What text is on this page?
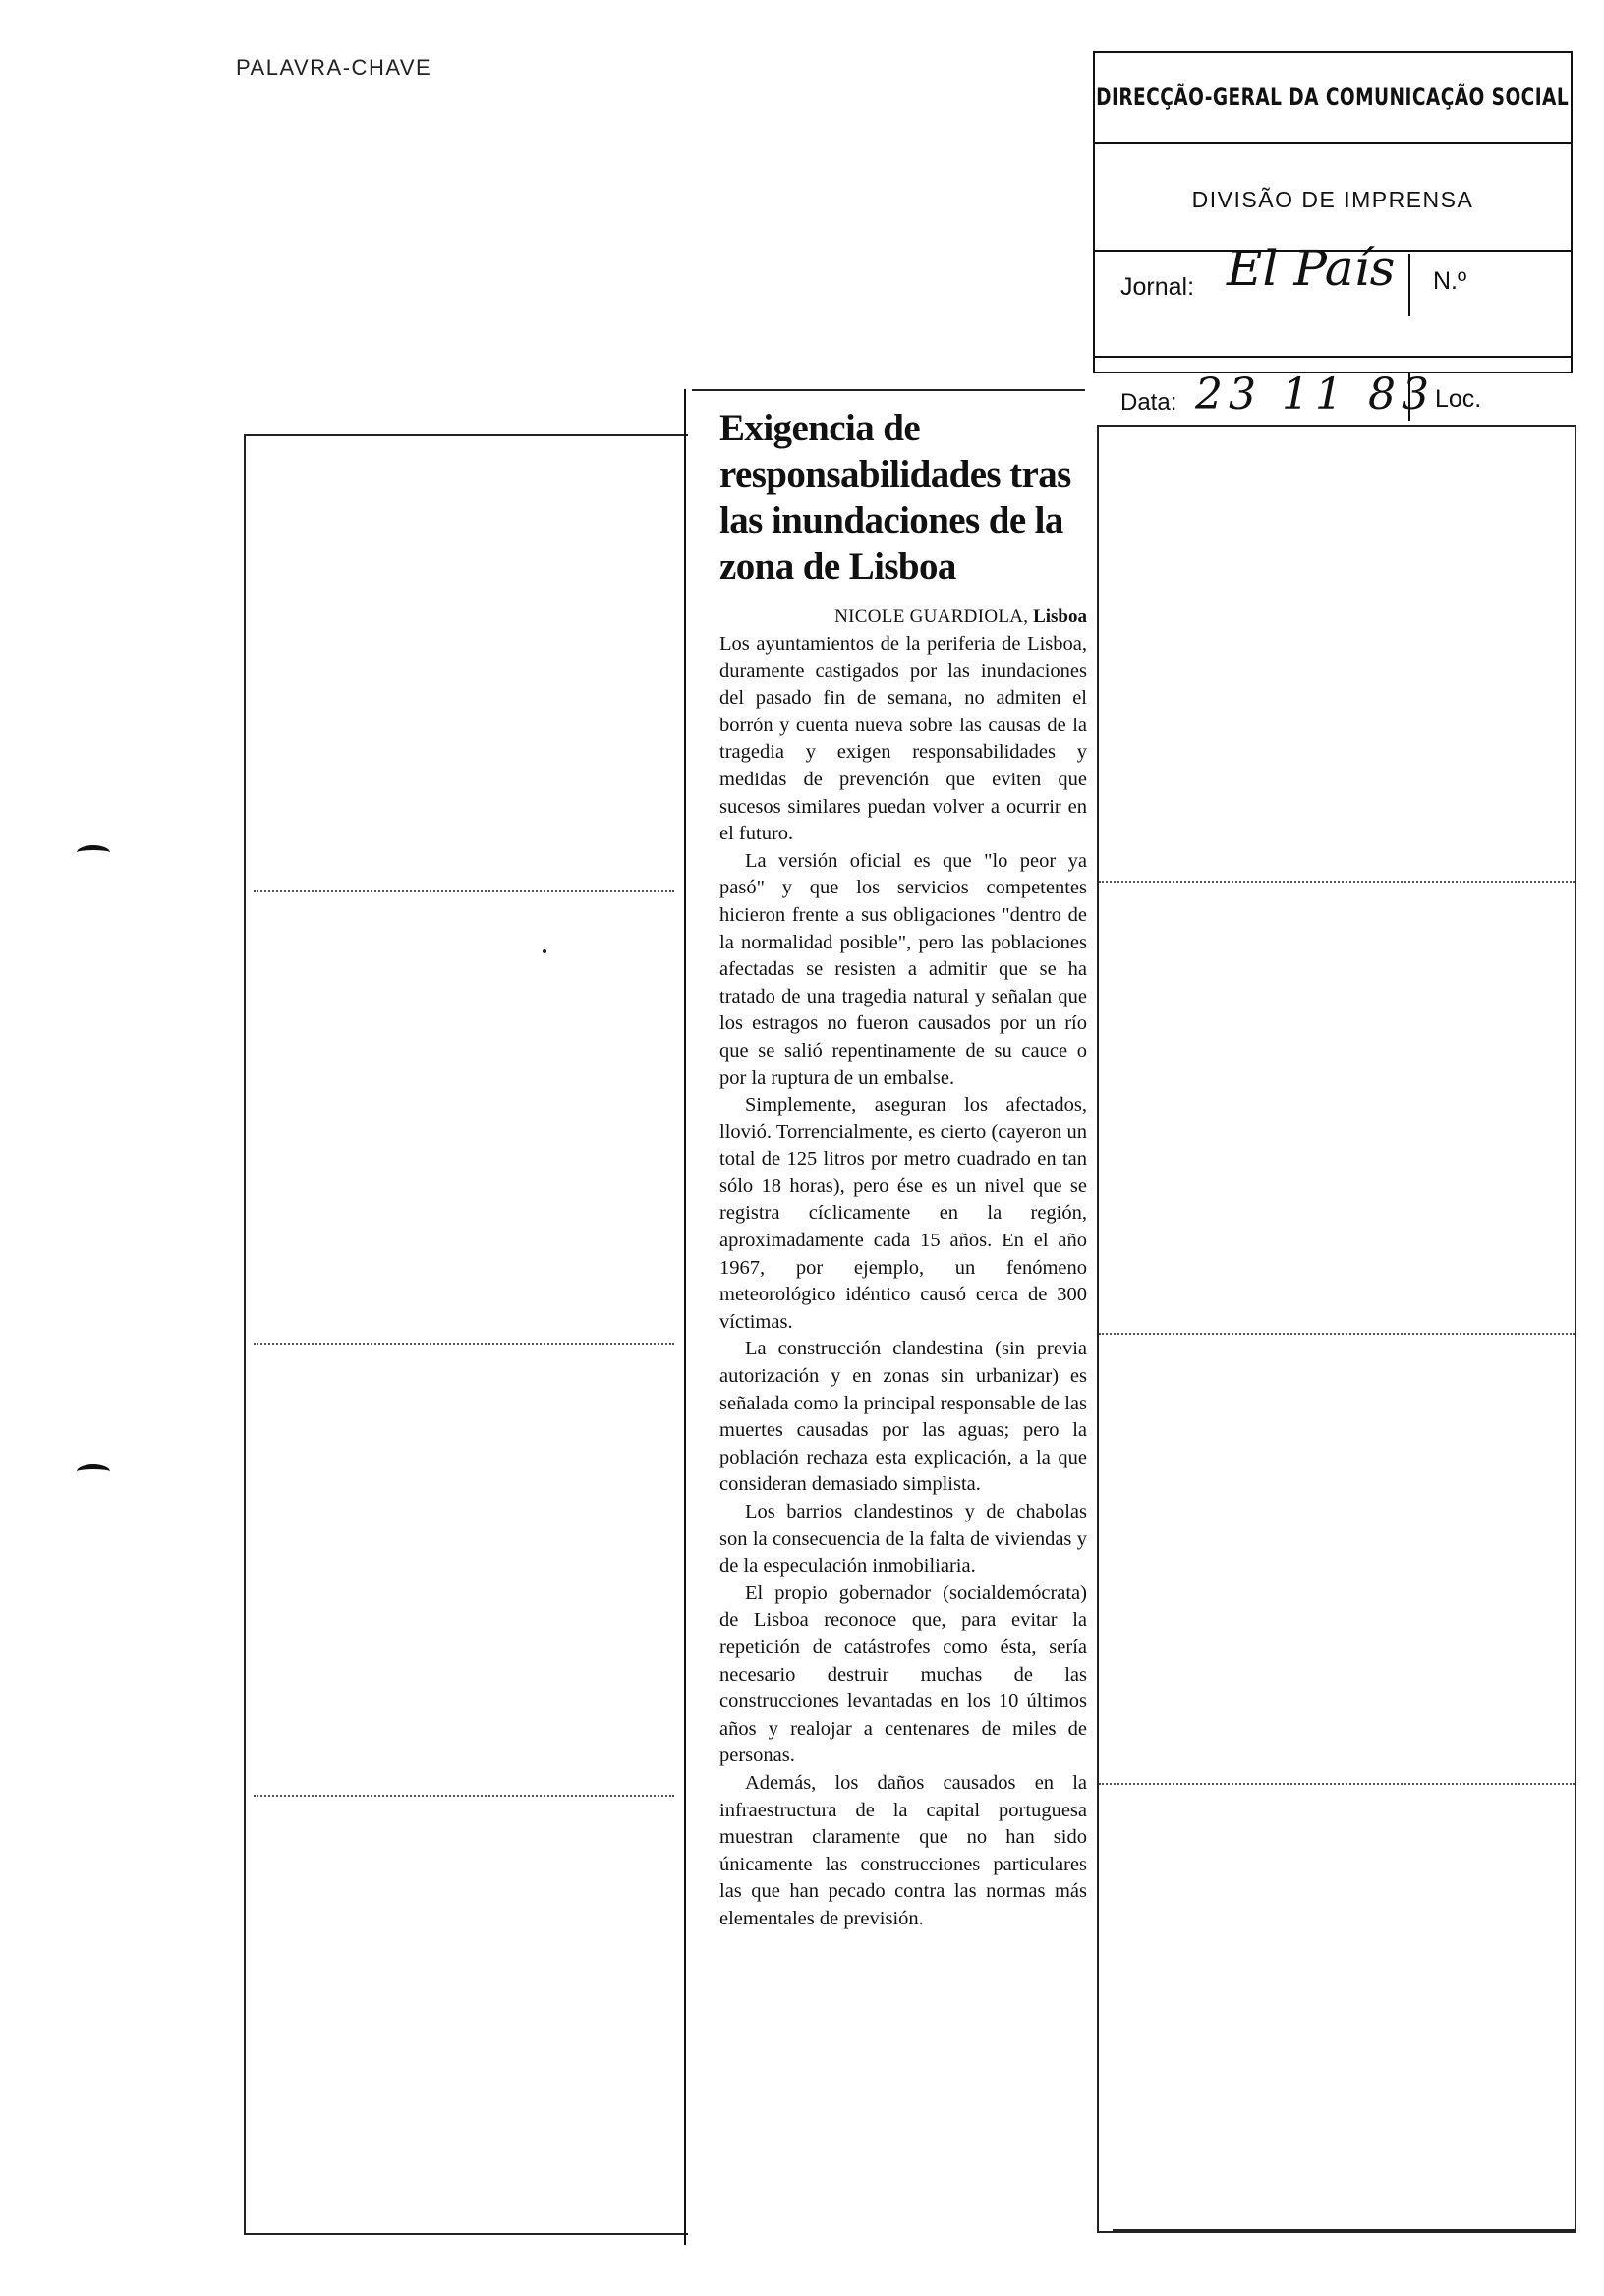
PALAVRA-CHAVE
DIRECÇÃO-GERAL DA COMUNICAÇÃO SOCIAL
DIVISÃO DE IMPRENSA
Jornal: El País N.º
Data: 23 11 83 Loc.
Exigencia de responsabilidades tras las inundaciones de la zona de Lisboa
NICOLE GUARDIOLA, Lisboa

Los ayuntamientos de la periferia de Lisboa, duramente castigados por las inundaciones del pasado fin de semana, no admiten el borrón y cuenta nueva sobre las causas de la tragedia y exigen responsabilidades y medidas de prevención que eviten que sucesos similares puedan volver a ocurrir en el futuro.

La versión oficial es que "lo peor ya pasó" y que los servicios competentes hicieron frente a sus obligaciones "dentro de la normalidad posible", pero las poblaciones afectadas se resisten a admitir que se ha tratado de una tragedia natural y señalan que los estragos no fueron causados por un río que se salió repentinamente de su cauce o por la ruptura de un embalse.

Simplemente, aseguran los afectados, llovió. Torrencialmente, es cierto (cayeron un total de 125 litros por metro cuadrado en tan sólo 18 horas), pero ése es un nivel que se registra cíclicamente en la región, aproximadamente cada 15 años. En el año 1967, por ejemplo, un fenómeno meteorológico idéntico causó cerca de 300 víctimas.

La construcción clandestina (sin previa autorización y en zonas sin urbanizar) es señalada como la principal responsable de las muertes causadas por las aguas; pero la población rechaza esta explicación, a la que consideran demasiado simplista.

Los barrios clandestinos y de chabolas son la consecuencia de la falta de viviendas y de la especulación inmobiliaria.

El propio gobernador (socialdemócrata) de Lisboa reconoce que, para evitar la repetición de catástrofes como ésta, sería necesario destruir muchas de las construcciones levantadas en los 10 últimos años y realojar a centenares de miles de personas.

Además, los daños causados en la infraestructura de la capital portuguesa muestran claramente que no han sido únicamente las construcciones particulares las que han pecado contra las normas más elementales de previsión.
